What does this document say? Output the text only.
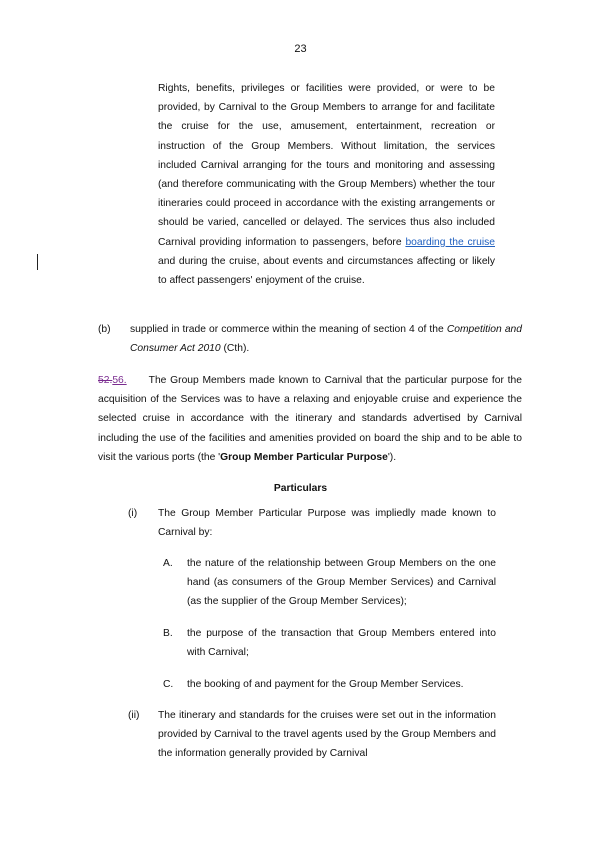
23
Rights, benefits, privileges or facilities were provided, or were to be provided, by Carnival to the Group Members to arrange for and facilitate the cruise for the use, amusement, entertainment, recreation or instruction of the Group Members. Without limitation, the services included Carnival arranging for the tours and monitoring and assessing (and therefore communicating with the Group Members) whether the tour itineraries could proceed in accordance with the existing arrangements or should be varied, cancelled or delayed. The services thus also included Carnival providing information to passengers, before boarding the cruise and during the cruise, about events and circumstances affecting or likely to affect passengers' enjoyment of the cruise.
(b) supplied in trade or commerce within the meaning of section 4 of the Competition and Consumer Act 2010 (Cth).
52.56. The Group Members made known to Carnival that the particular purpose for the acquisition of the Services was to have a relaxing and enjoyable cruise and experience the selected cruise in accordance with the itinerary and standards advertised by Carnival including the use of the facilities and amenities provided on board the ship and to be able to visit the various ports (the 'Group Member Particular Purpose').
Particulars
(i) The Group Member Particular Purpose was impliedly made known to Carnival by:
A. the nature of the relationship between Group Members on the one hand (as consumers of the Group Member Services) and Carnival (as the supplier of the Group Member Services);
B. the purpose of the transaction that Group Members entered into with Carnival;
C. the booking of and payment for the Group Member Services.
(ii) The itinerary and standards for the cruises were set out in the information provided by Carnival to the travel agents used by the Group Members and the information generally provided by Carnival
